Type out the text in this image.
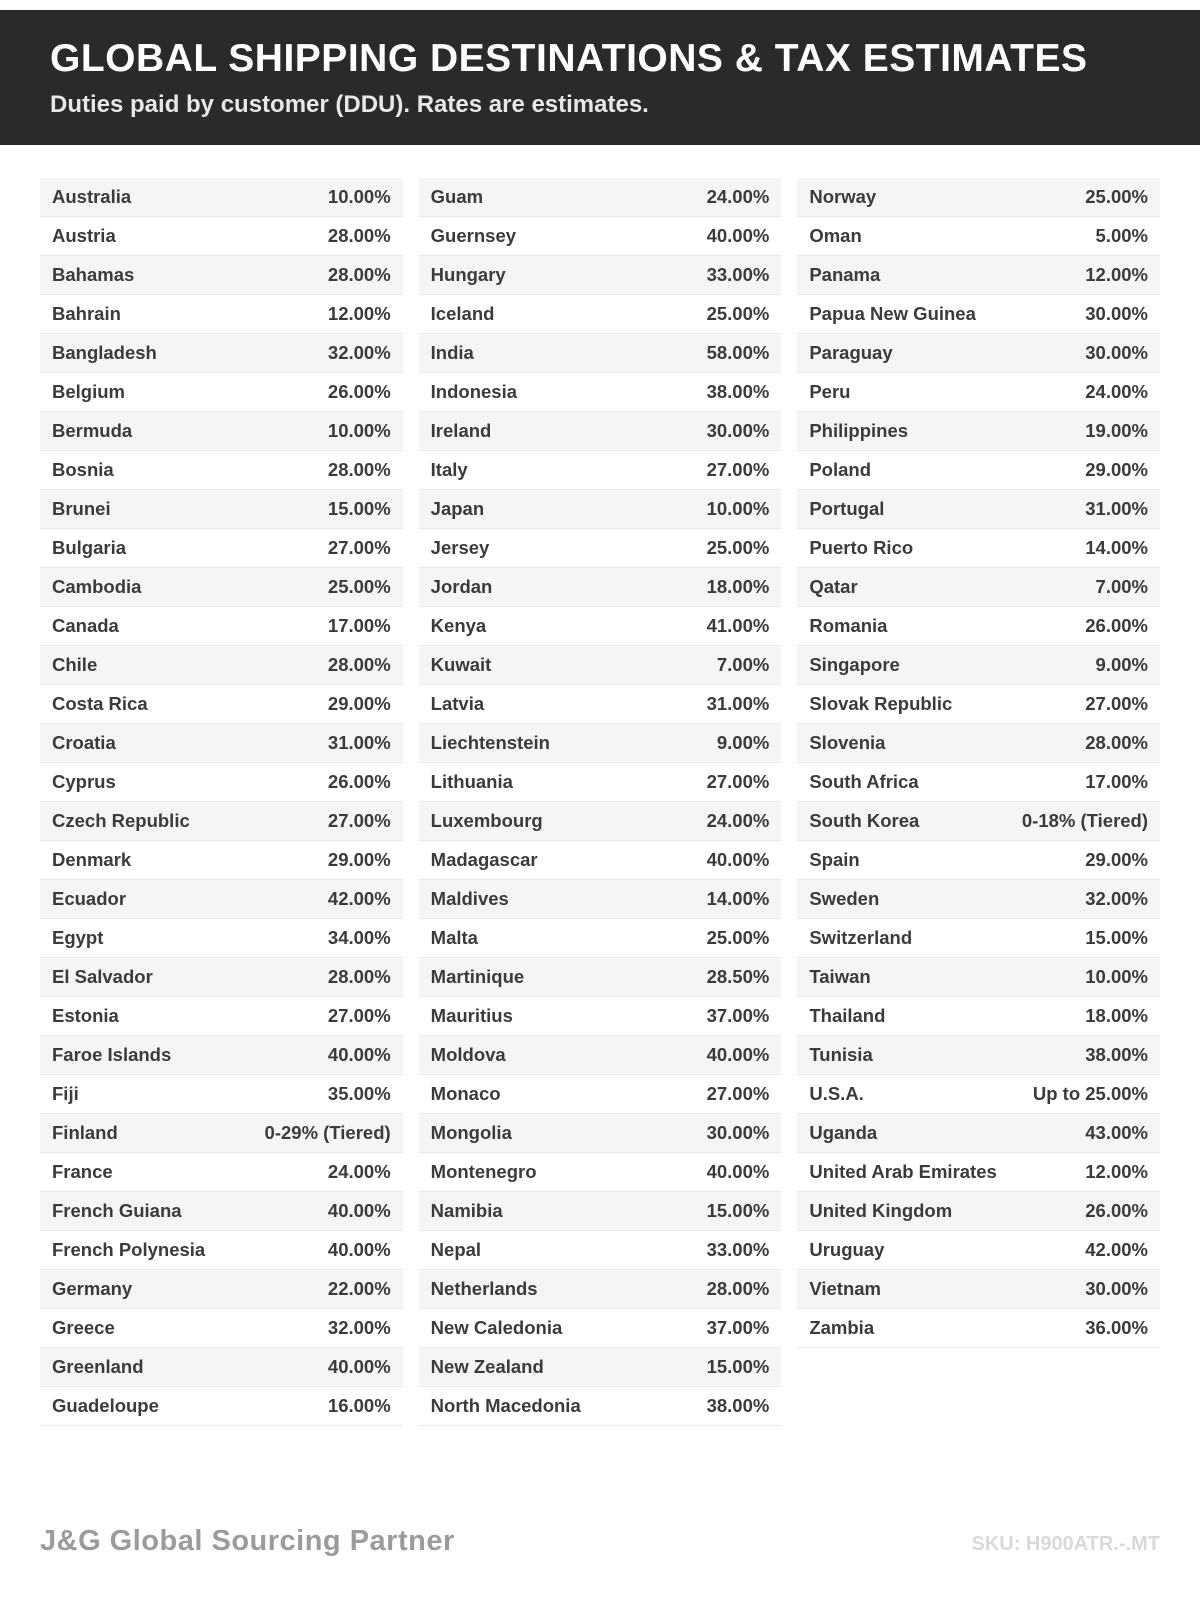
GLOBAL SHIPPING DESTINATIONS & TAX ESTIMATES

Duties paid by customer (DDU). Rates are estimates.

Australia	10.00%
Austria	28.00%
Bahamas	28.00%
Bahrain	12.00%
Bangladesh	32.00%
Belgium	26.00%
Bermuda	10.00%
Bosnia	28.00%
Brunei	15.00%
Bulgaria	27.00%
Cambodia	25.00%
Canada	17.00%
Chile	28.00%
Costa Rica	29.00%
Croatia	31.00%
Cyprus	26.00%
Czech Republic	27.00%
Denmark	29.00%
Ecuador	42.00%
Egypt	34.00%
El Salvador	28.00%
Estonia	27.00%
Faroe Islands	40.00%
Fiji	35.00%
Finland	0-29% (Tiered)
France	24.00%
French Guiana	40.00%
French Polynesia	40.00%
Germany	22.00%
Greece	32.00%
Greenland	40.00%
Guadeloupe	16.00%
Guam	24.00%
Guernsey	40.00%
Hungary	33.00%
Iceland	25.00%
India	58.00%
Indonesia	38.00%
Ireland	30.00%
Italy	27.00%
Japan	10.00%
Jersey	25.00%
Jordan	18.00%
Kenya	41.00%
Kuwait	7.00%
Latvia	31.00%
Liechtenstein	9.00%
Lithuania	27.00%
Luxembourg	24.00%
Madagascar	40.00%
Maldives	14.00%
Malta	25.00%
Martinique	28.50%
Mauritius	37.00%
Moldova	40.00%
Monaco	27.00%
Mongolia	30.00%
Montenegro	40.00%
Namibia	15.00%
Nepal	33.00%
Netherlands	28.00%
New Caledonia	37.00%
New Zealand	15.00%
North Macedonia	38.00%
Norway	25.00%
Oman	5.00%
Panama	12.00%
Papua New Guinea	30.00%
Paraguay	30.00%
Peru	24.00%
Philippines	19.00%
Poland	29.00%
Portugal	31.00%
Puerto Rico	14.00%
Qatar	7.00%
Romania	26.00%
Singapore	9.00%
Slovak Republic	27.00%
Slovenia	28.00%
South Africa	17.00%
South Korea	0-18% (Tiered)
Spain	29.00%
Sweden	32.00%
Switzerland	15.00%
Taiwan	10.00%
Thailand	18.00%
Tunisia	38.00%
U.S.A.	Up to 25.00%
Uganda	43.00%
United Arab Emirates	12.00%
United Kingdom	26.00%
Uruguay	42.00%
Vietnam	30.00%
Zambia	36.00%
J&G Global Sourcing Partner	SKU: H900ATR.-.MT
